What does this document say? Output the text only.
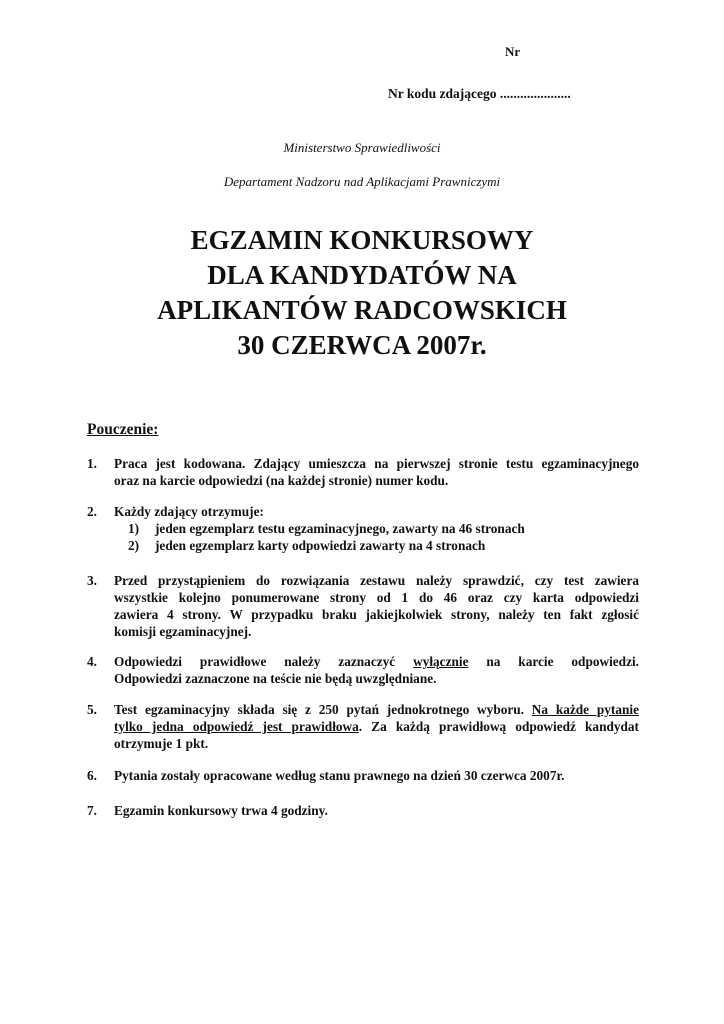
Nr
Nr kodu zdającego .....................
Ministerstwo Sprawiedliwości
Departament Nadzoru nad Aplikacjami Prawniczymi
EGZAMIN KONKURSOWY
DLA KANDYDATÓW NA
APLIKANTÓW RADCOWSKICH
30 CZERWCA 2007r.
Pouczenie:
1.	Praca jest kodowana. Zdający umieszcza na pierwszej stronie testu egzaminacyjnego
oraz na karcie odpowiedzi (na każdej stronie) numer kodu.
2.	Każdy zdający otrzymuje:
1) jeden egzemplarz testu egzaminacyjnego, zawarty na 46 stronach
2) jeden egzemplarz karty odpowiedzi zawarty na 4 stronach
3.	Przed przystąpieniem do rozwiązania zestawu należy sprawdzić, czy test zawiera
wszystkie kolejno ponumerowane strony od 1 do 46 oraz czy karta odpowiedzi
zawiera 4 strony. W przypadku braku jakiejkolwiek strony, należy ten fakt zgłosić
komisji egzaminacyjnej.
4.	Odpowiedzi prawidłowe należy zaznaczyć wyłącznie na karcie odpowiedzi.
Odpowiedzi zaznaczone na teście nie będą uwzględniane.
5.	Test egzaminacyjny składa się z 250 pytań jednokrotnego wyboru. Na każde pytanie
tylko jedna odpowiedź jest prawidłowa. Za każdą prawidłową odpowiedź kandydat
otrzymuje 1 pkt.
6.	Pytania zostały opracowane według stanu prawnego na dzień 30 czerwca 2007r.
7.	Egzamin konkursowy trwa 4 godziny.
